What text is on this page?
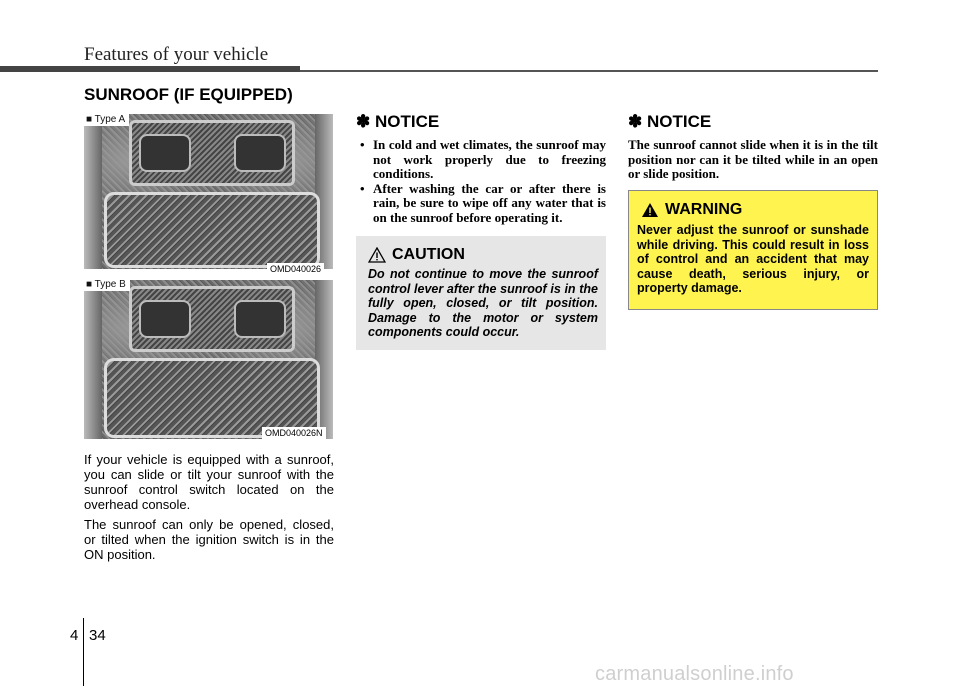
Features of your vehicle
SUNROOF (IF EQUIPPED)
■ Type A
OMD040026
■ Type B
OMD040026N
If your vehicle is equipped with a sunroof, you can slide or tilt your sunroof with the sunroof control switch located on the overhead console.
The sunroof can only be opened, closed, or tilted when the ignition switch is in the ON position.
✽ NOTICE
• In cold and wet climates, the sunroof may not work properly due to freezing conditions.
• After washing the car or after there is rain, be sure to wipe off any water that is on the sunroof before operating it.
CAUTION
Do not continue to move the sunroof control lever after the sunroof is in the fully open, closed, or tilt position. Damage to the motor or system components could occur.
✽ NOTICE
The sunroof cannot slide when it is in the tilt position nor can it be tilted while in an open or slide position.
WARNING
Never adjust the sunroof or sunshade while driving. This could result in loss of control and an accident that may cause death, serious injury, or property damage.
4 34
carmanualsonline.info
